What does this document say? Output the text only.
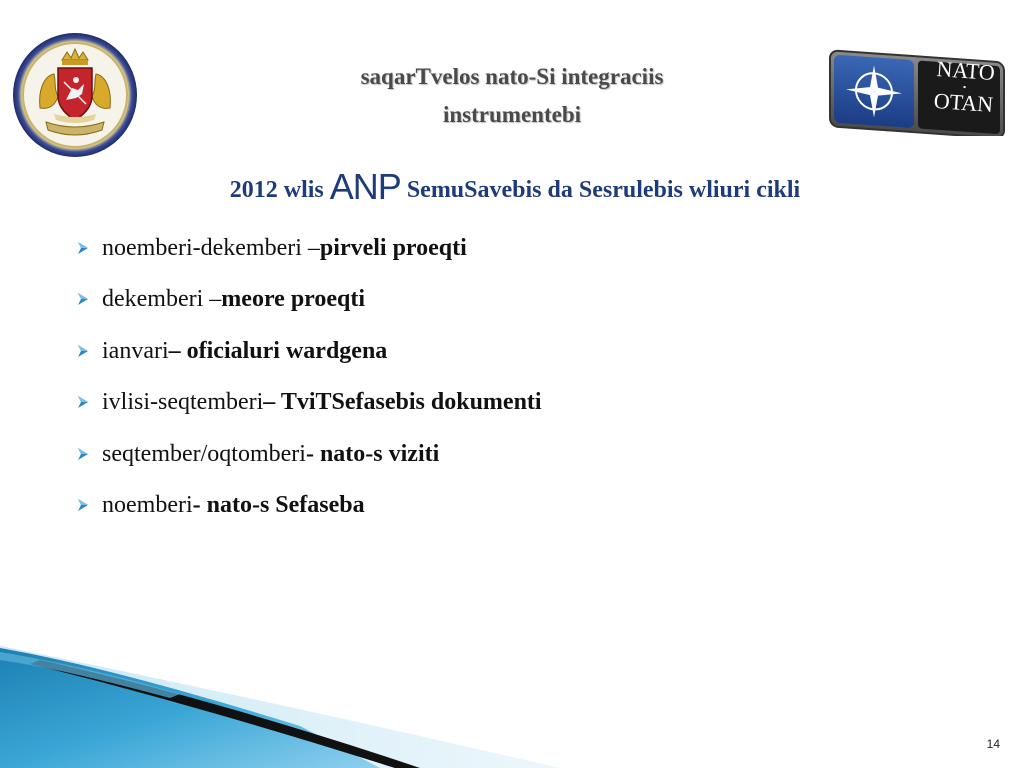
NATO
OTAN
saqarTvelos nato-Si integraciis
instrumentebi
2012 wlis ANP SemuSavebis da Sesrulebis wliuri cikli
noemberi-dekemberi – pirveli proeqti
dekemberi – meore proeqti
ianvari – oficialuri wardgena
ivlisi-seqtemberi – TviTSefasebis dokumenti
seqtember/oqtomberi - nato-s viziti
noemberi - nato-s Sefaseba
14
